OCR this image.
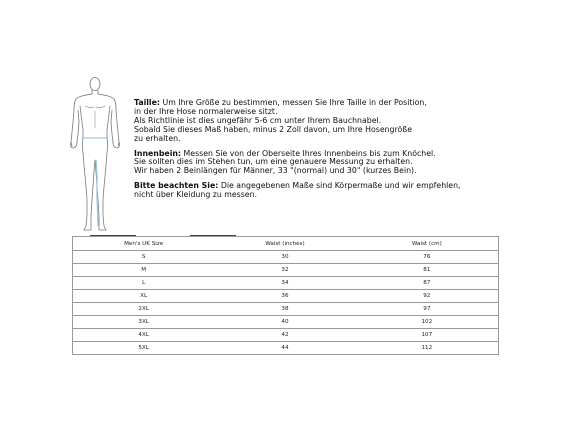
Taille: Um Ihre Größe zu bestimmen, messen Sie Ihre Taille in der Position,
in der Ihre Hose normalerweise sitzt.
Als Richtlinie ist dies ungefähr 5-6 cm unter Ihrem Bauchnabel.
Sobald Sie dieses Maß haben, minus 2 Zoll davon, um Ihre Hosengröße
zu erhalten.

Innenbein: Messen Sie von der Oberseite Ihres Innenbeins bis zum Knöchel.
Sie sollten dies im Stehen tun, um eine genauere Messung zu erhalten.
Wir haben 2 Beinlängen für Männer, 33 "(normal) und 30" (kurzes Bein).

Bitte beachten Sie: Die angegebenen Maße sind Körpermaße und wir empfehlen,
nicht über Kleidung zu messen.

Men's UK Size	Waist (inches)	Waist (cm)
S	30	76
M	32	81
L	34	87
XL	36	92
2XL	38	97
3XL	40	102
4XL	42	107
5XL	44	112
